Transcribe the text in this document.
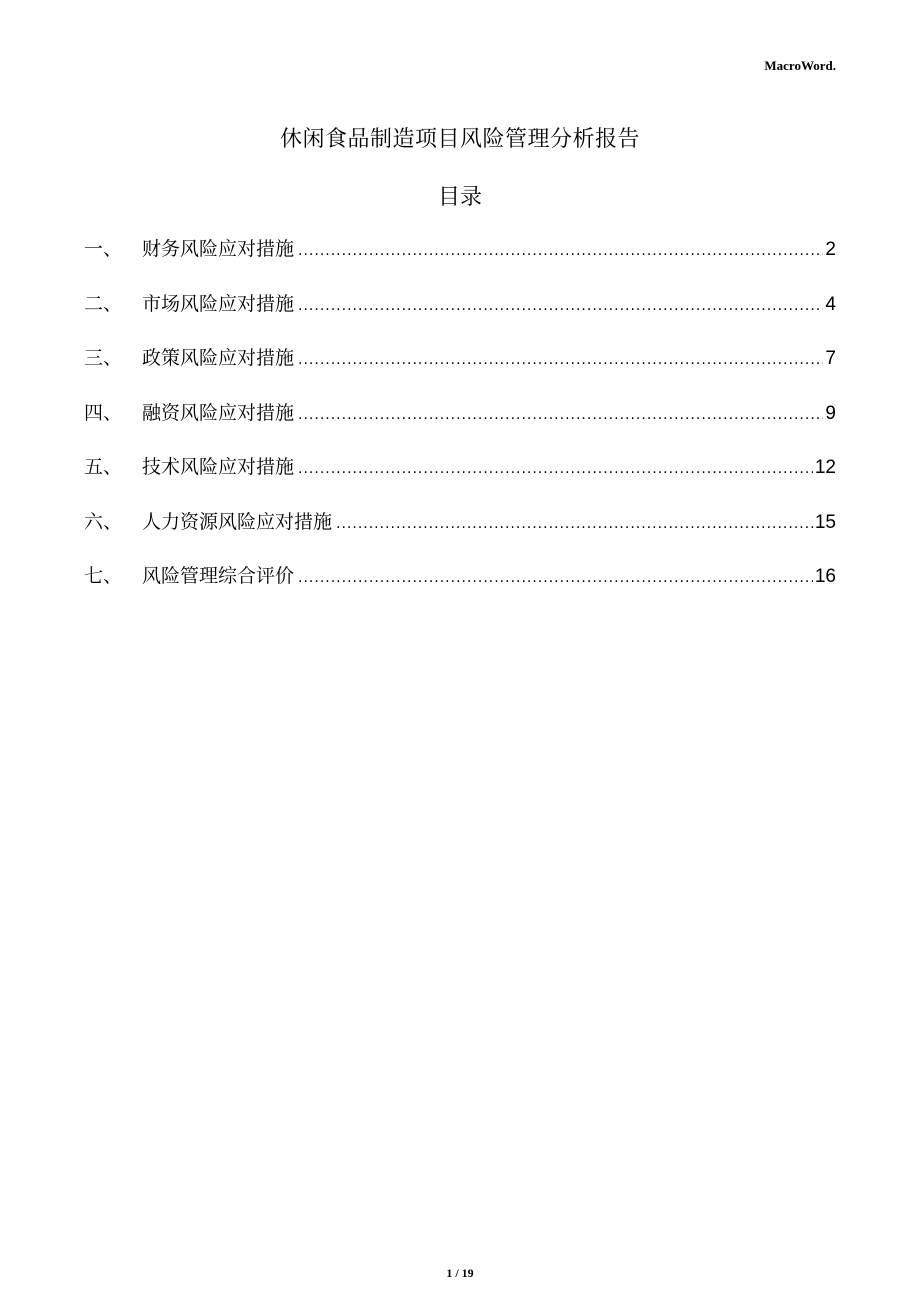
MacroWord.
休闲食品制造项目风险管理分析报告
目录
一、	财务风险应对措施 .....	2
二、	市场风险应对措施 .....	4
三、	政策风险应对措施 .....	7
四、	融资风险应对措施 .....	9
五、	技术风险应对措施 .....	12
六、	人力资源风险应对措施 .....	15
七、	风险管理综合评价 .....	16
1 / 19
